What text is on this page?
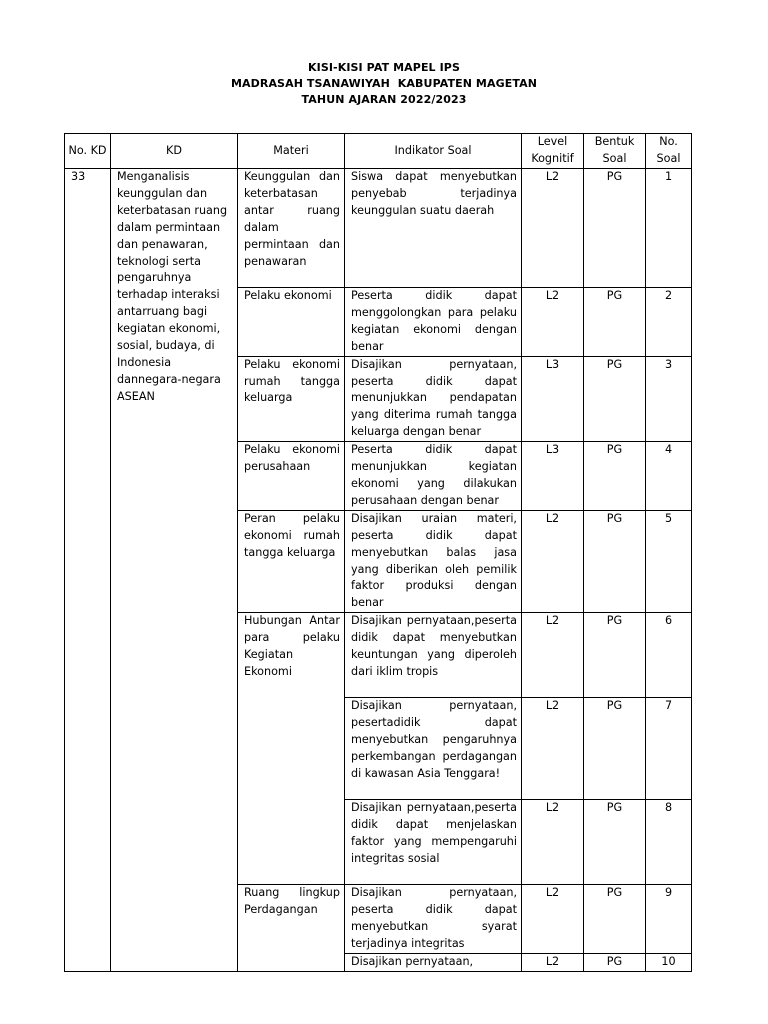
KISI-KISI PAT MAPEL IPS
MADRASAH TSANAWIYAH  KABUPATEN MAGETAN
TAHUN AJARAN 2022/2023
No. KD	KD	Materi	Indikator Soal	Level Kognitif	Bentuk Soal	No. Soal
33	Menganalisis keunggulan dan keterbatasan ruang dalam permintaan dan penawaran, teknologi serta pengaruhnya terhadap interaksi antarruang bagi kegiatan ekonomi, sosial, budaya, di Indonesia dannegara-negara ASEAN	Keunggulan dan keterbatasan antar ruang dalam permintaan dan penawaran	Siswa dapat menyebutkan penyebab terjadinya keunggulan suatu daerah	L2	PG	1
		Pelaku ekonomi	Peserta didik dapat menggolongkan para pelaku kegiatan ekonomi dengan benar	L2	PG	2
		Pelaku ekonomi rumah tangga keluarga	Disajikan pernyataan, peserta didik dapat menunjukkan pendapatan yang diterima rumah tangga keluarga dengan benar	L3	PG	3
		Pelaku ekonomi perusahaan	Peserta didik dapat menunjukkan kegiatan ekonomi yang dilakukan perusahaan dengan benar	L3	PG	4
		Peran pelaku ekonomi rumah tangga keluarga	Disajikan uraian materi, peserta didik dapat menyebutkan balas jasa yang diberikan oleh pemilik faktor produksi dengan benar	L2	PG	5
		Hubungan Antar para pelaku Kegiatan Ekonomi	Disajikan pernyataan,peserta didik dapat menyebutkan keuntungan yang diperoleh dari iklim tropis	L2	PG	6
			Disajikan pernyataan, pesertadidik dapat menyebutkan pengaruhnya perkembangan perdagangan di kawasan Asia Tenggara!	L2	PG	7
			Disajikan pernyataan,peserta didik dapat menjelaskan faktor yang mempengaruhi integritas sosial	L2	PG	8
		Ruang lingkup Perdagangan	Disajikan pernyataan, peserta didik dapat menyebutkan syarat terjadinya integritas	L2	PG	9
			Disajikan pernyataan,	L2	PG	10
